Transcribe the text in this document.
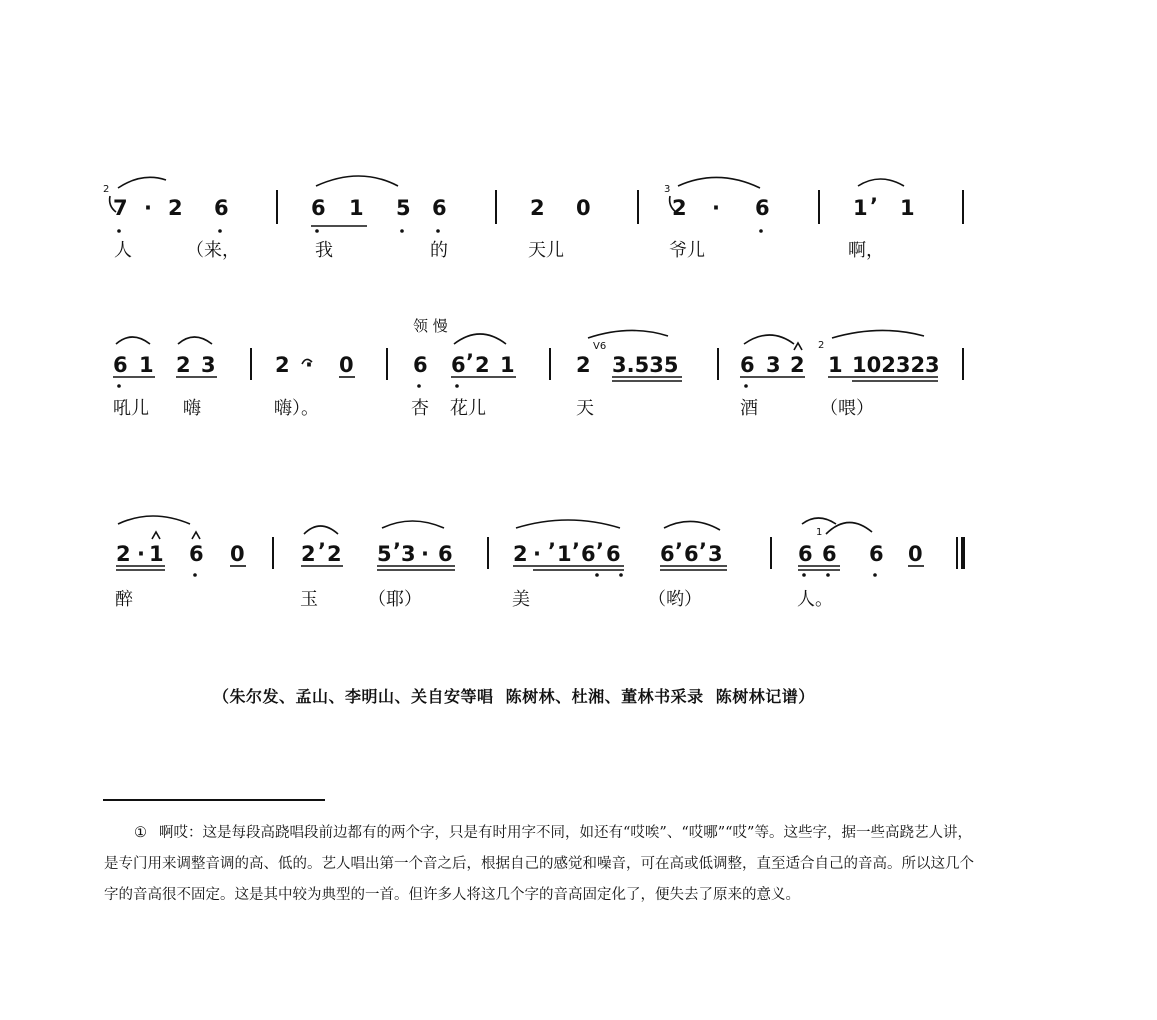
2
7 · 2 6	6 1 5 6	2 0
3
2 · 6	1 ’ 1
人	（来，	我	的	天儿	爷儿	啊，
领 慢
6 1 2 3	2 · 0	6 6 ’ 2 1	2
V6
3.535	6 3 2
2
1 102323
吼儿 嗨	嗨）。	杏 花儿	天	酒	（喂）
2 · 1 6 0	2 ’ 2 5 ’ 3 · 6	2 · ’ 1 ’ 6 ’ 6 6 ’ 6 ’ 3	6
1
6 6 0
醉	玉	（耶）	美	（哟）	人。
（朱尔发、孟山、李明山、关自安等唱  陈树林、杜湘、董林书采录  陈树林记谱）
① 啊哎：这是每段高跷唱段前边都有的两个字，只是有时用字不同，如还有“哎唉”、“哎哪”“哎”等。这些字，据一些高跷艺人讲，是专门用来调整音调的高、低的。艺人唱出第一个音之后，根据自己的感觉和噪音，可在高或低调整，直至适合自己的音高。所以这几个字的音高很不固定。这是其中较为典型的一首。但许多人将这几个字的音高固定化了，便失去了原来的意义。
